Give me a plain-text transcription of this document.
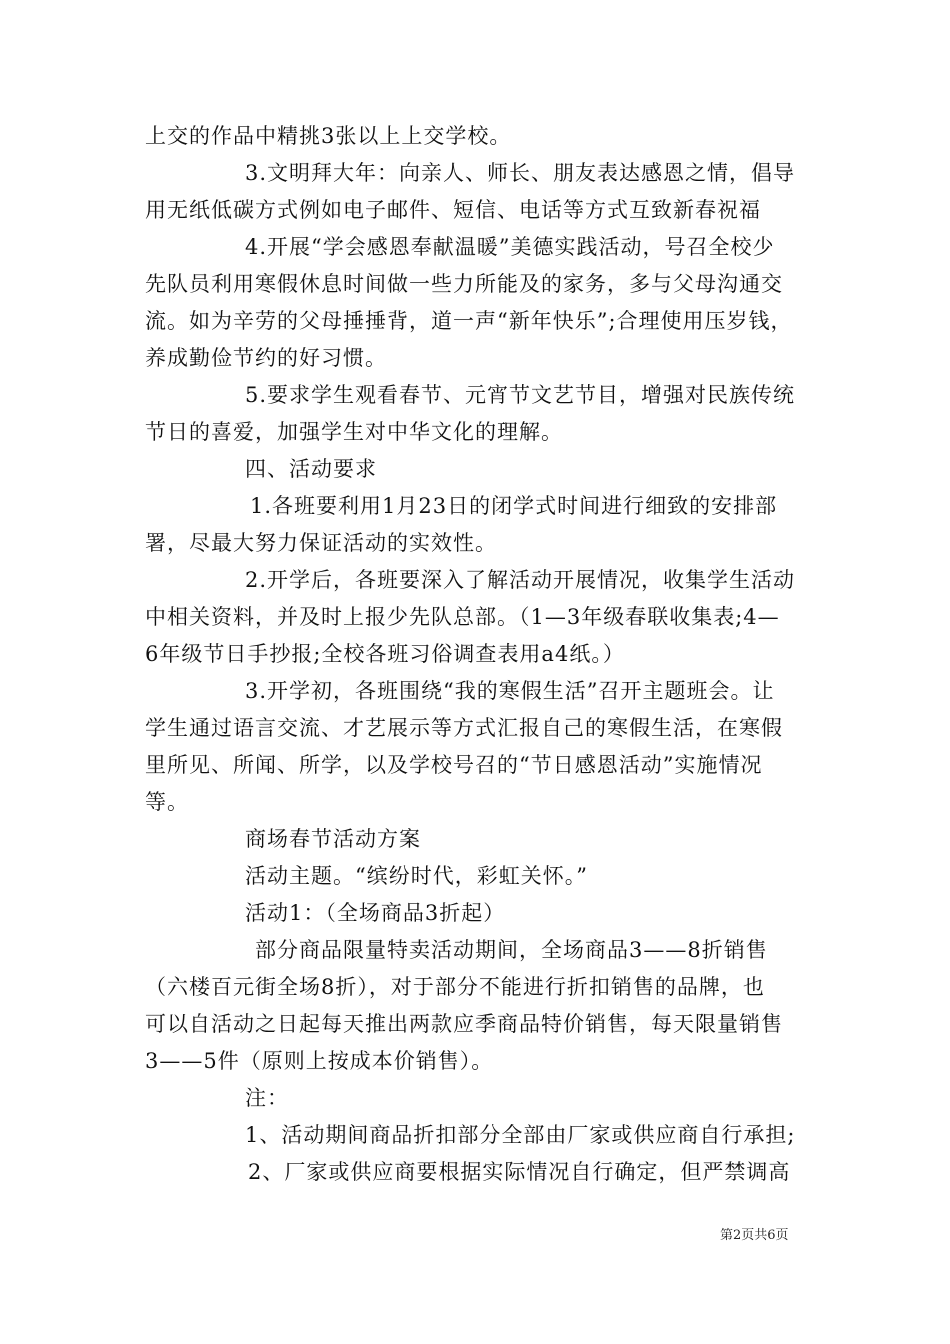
上交的作品中精挑3张以上上交学校。
3.文明拜大年：向亲人、师长、朋友表达感恩之情，倡导
用无纸低碳方式例如电子邮件、短信、电话等方式互致新春祝福
4.开展“学会感恩奉献温暖”美德实践活动，号召全校少
先队员利用寒假休息时间做一些力所能及的家务，多与父母沟通交
流。如为辛劳的父母捶捶背，道一声“新年快乐”;合理使用压岁钱，
养成勤俭节约的好习惯。
5.要求学生观看春节、元宵节文艺节目，增强对民族传统
节日的喜爱，加强学生对中华文化的理解。
四、活动要求
1.各班要利用1月23日的闭学式时间进行细致的安排部
署，尽最大努力保证活动的实效性。
2.开学后，各班要深入了解活动开展情况，收集学生活动
中相关资料，并及时上报少先队总部。（1—3年级春联收集表;4—
6年级节日手抄报;全校各班习俗调查表用a4纸。）
3.开学初，各班围绕“我的寒假生活”召开主题班会。让
学生通过语言交流、才艺展示等方式汇报自己的寒假生活，在寒假
里所见、所闻、所学，以及学校号召的“节日感恩活动”实施情况
等。
商场春节活动方案
活动主题。“缤纷时代，彩虹关怀。”
活动1：（全场商品3折起）
部分商品限量特卖活动期间，全场商品3——8折销售
（六楼百元街全场8折），对于部分不能进行折扣销售的品牌，也
可以自活动之日起每天推出两款应季商品特价销售，每天限量销售
3——5件（原则上按成本价销售）。
注：
1、活动期间商品折扣部分全部由厂家或供应商自行承担;
2、厂家或供应商要根据实际情况自行确定，但严禁调高
第2页共6页
